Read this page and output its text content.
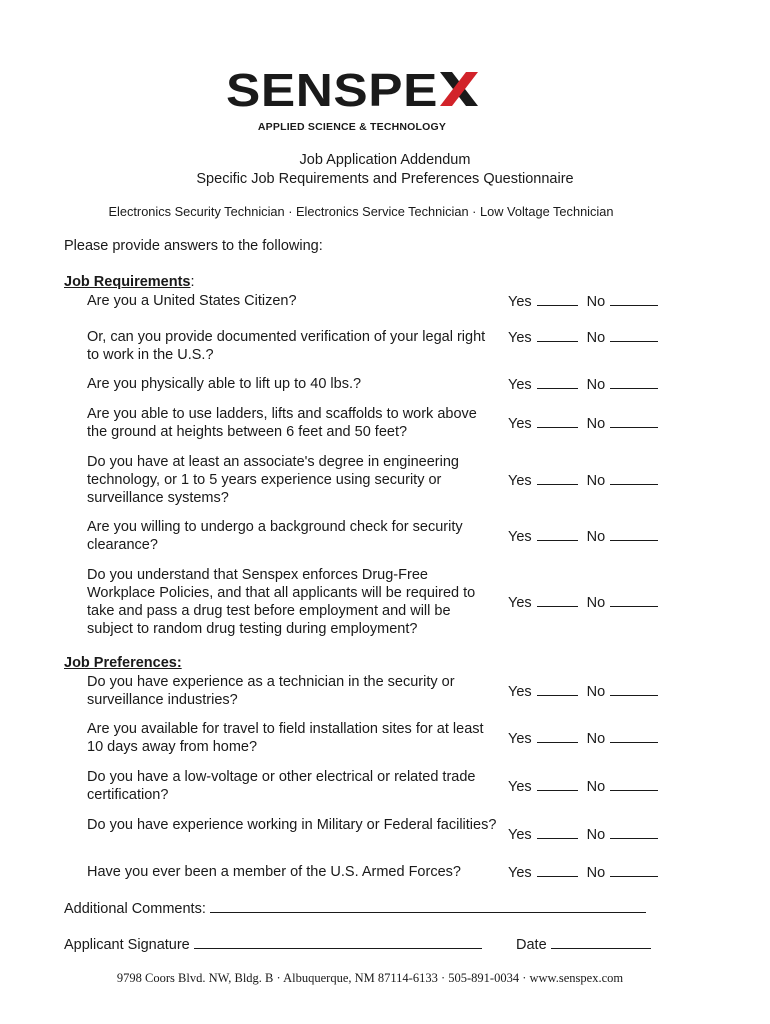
SENSPE
APPLIED SCIENCE & TECHNOLOGY
Job Application Addendum
Specific Job Requirements and Preferences Questionnaire
Electronics Security Technician · Electronics Service Technician · Low Voltage Technician
Please provide answers to the following:
Job Requirements:
Are you a United States Citizen?	Yes	No
Or, can you provide documented verification of your legal right to work in the U.S.?
Yes	No
Are you physically able to lift up to 40 lbs.?	Yes	No
Are you able to use ladders, lifts and scaffolds to work above the ground at heights between 6 feet and 50 feet?	Yes	No
Do you have at least an associate's degree in engineering technology, or 1 to 5 years experience using security or surveillance systems?
Yes	No
Are you willing to undergo a background check for security clearance?	Yes	No
Do you understand that Senspex enforces Drug-Free Workplace Policies, and that all applicants will be required to take and pass a drug test before employment and will be subject to random drug testing during employment?
Yes	No
Job Preferences:
Do you have experience as a technician in the security or surveillance industries?	Yes	No
Are you available for travel to field installation sites for at least 10 days away from home?	Yes	No
Do you have a low-voltage or other electrical or related trade certification?	Yes	No
Do you have experience working in Military or Federal facilities?
Yes	No
Have you ever been a member of the U.S. Armed Forces?	Yes	No
Additional Comments:
Applicant Signature	Date
9798 Coors Blvd. NW, Bldg. B · Albuquerque, NM 87114-6133 · 505-891-0034 · www.senspex.com
